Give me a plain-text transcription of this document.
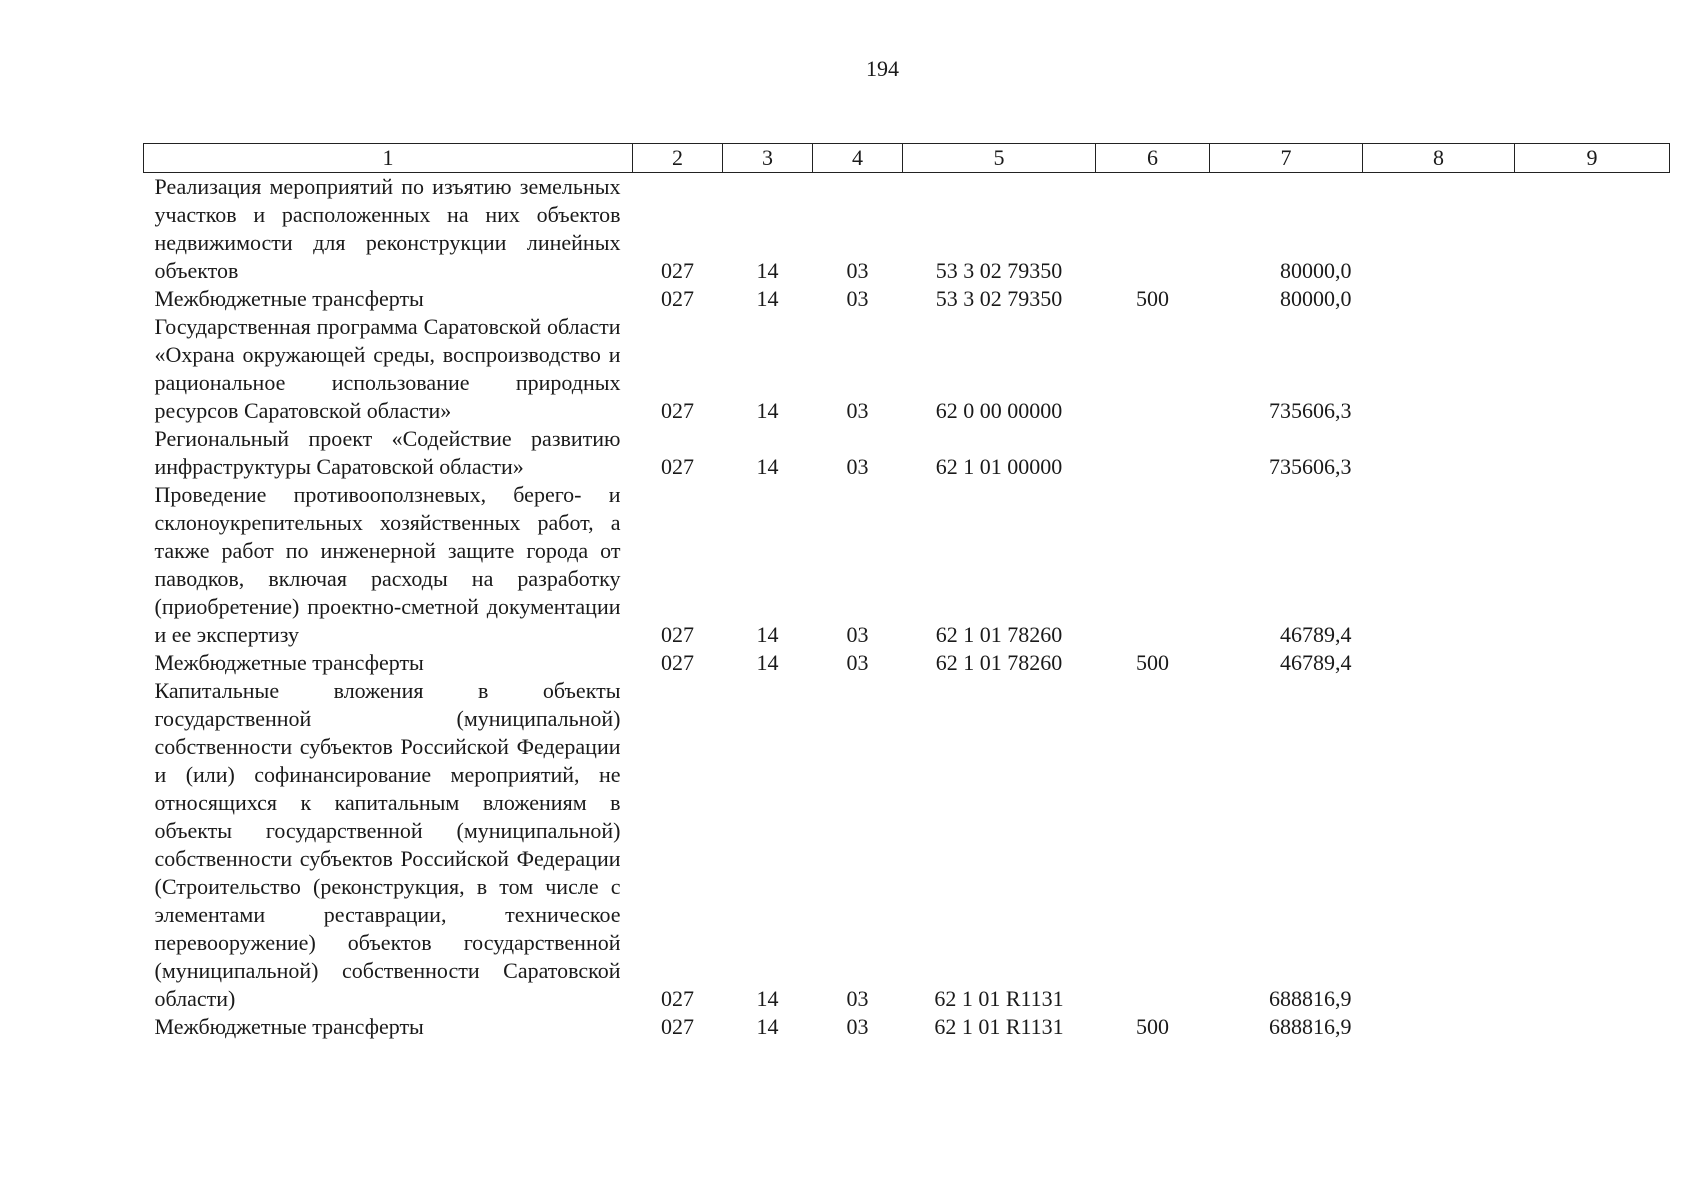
194
1	2	3	4	5	6	7	8	9
Реализация мероприятий по изъятию земельных участков и расположенных на них объектов недвижимости для реконструкции линейных объектов	027	14	03	53 3 02 79350		80000,0		
Межбюджетные трансферты	027	14	03	53 3 02 79350	500	80000,0		
Государственная программа Саратовской области «Охрана окружающей среды, воспроизводство и рациональное использование природных ресурсов Саратовской области»	027	14	03	62 0 00 00000		735606,3		
Региональный проект «Содействие развитию инфраструктуры Саратовской области»	027	14	03	62 1 01 00000		735606,3		
Проведение противооползневых, берего- и склоноукрепительных хозяйственных работ, а также работ по инженерной защите города от паводков, включая расходы на разработку (приобретение) проектно-сметной документации и ее экспертизу	027	14	03	62 1 01 78260		46789,4		
Межбюджетные трансферты	027	14	03	62 1 01 78260	500	46789,4		
Капитальные вложения в объекты государственной (муниципальной) собственности субъектов Российской Федерации и (или) софинансирование мероприятий, не относящихся к капитальным вложениям в объекты государственной (муниципальной) собственности субъектов Российской Федерации (Строительство (реконструкция, в том числе с элементами реставрации, техническое перевооружение) объектов государственной (муниципальной) собственности Саратовской области)	027	14	03	62 1 01 R1131		688816,9		
Межбюджетные трансферты	027	14	03	62 1 01 R1131	500	688816,9		
